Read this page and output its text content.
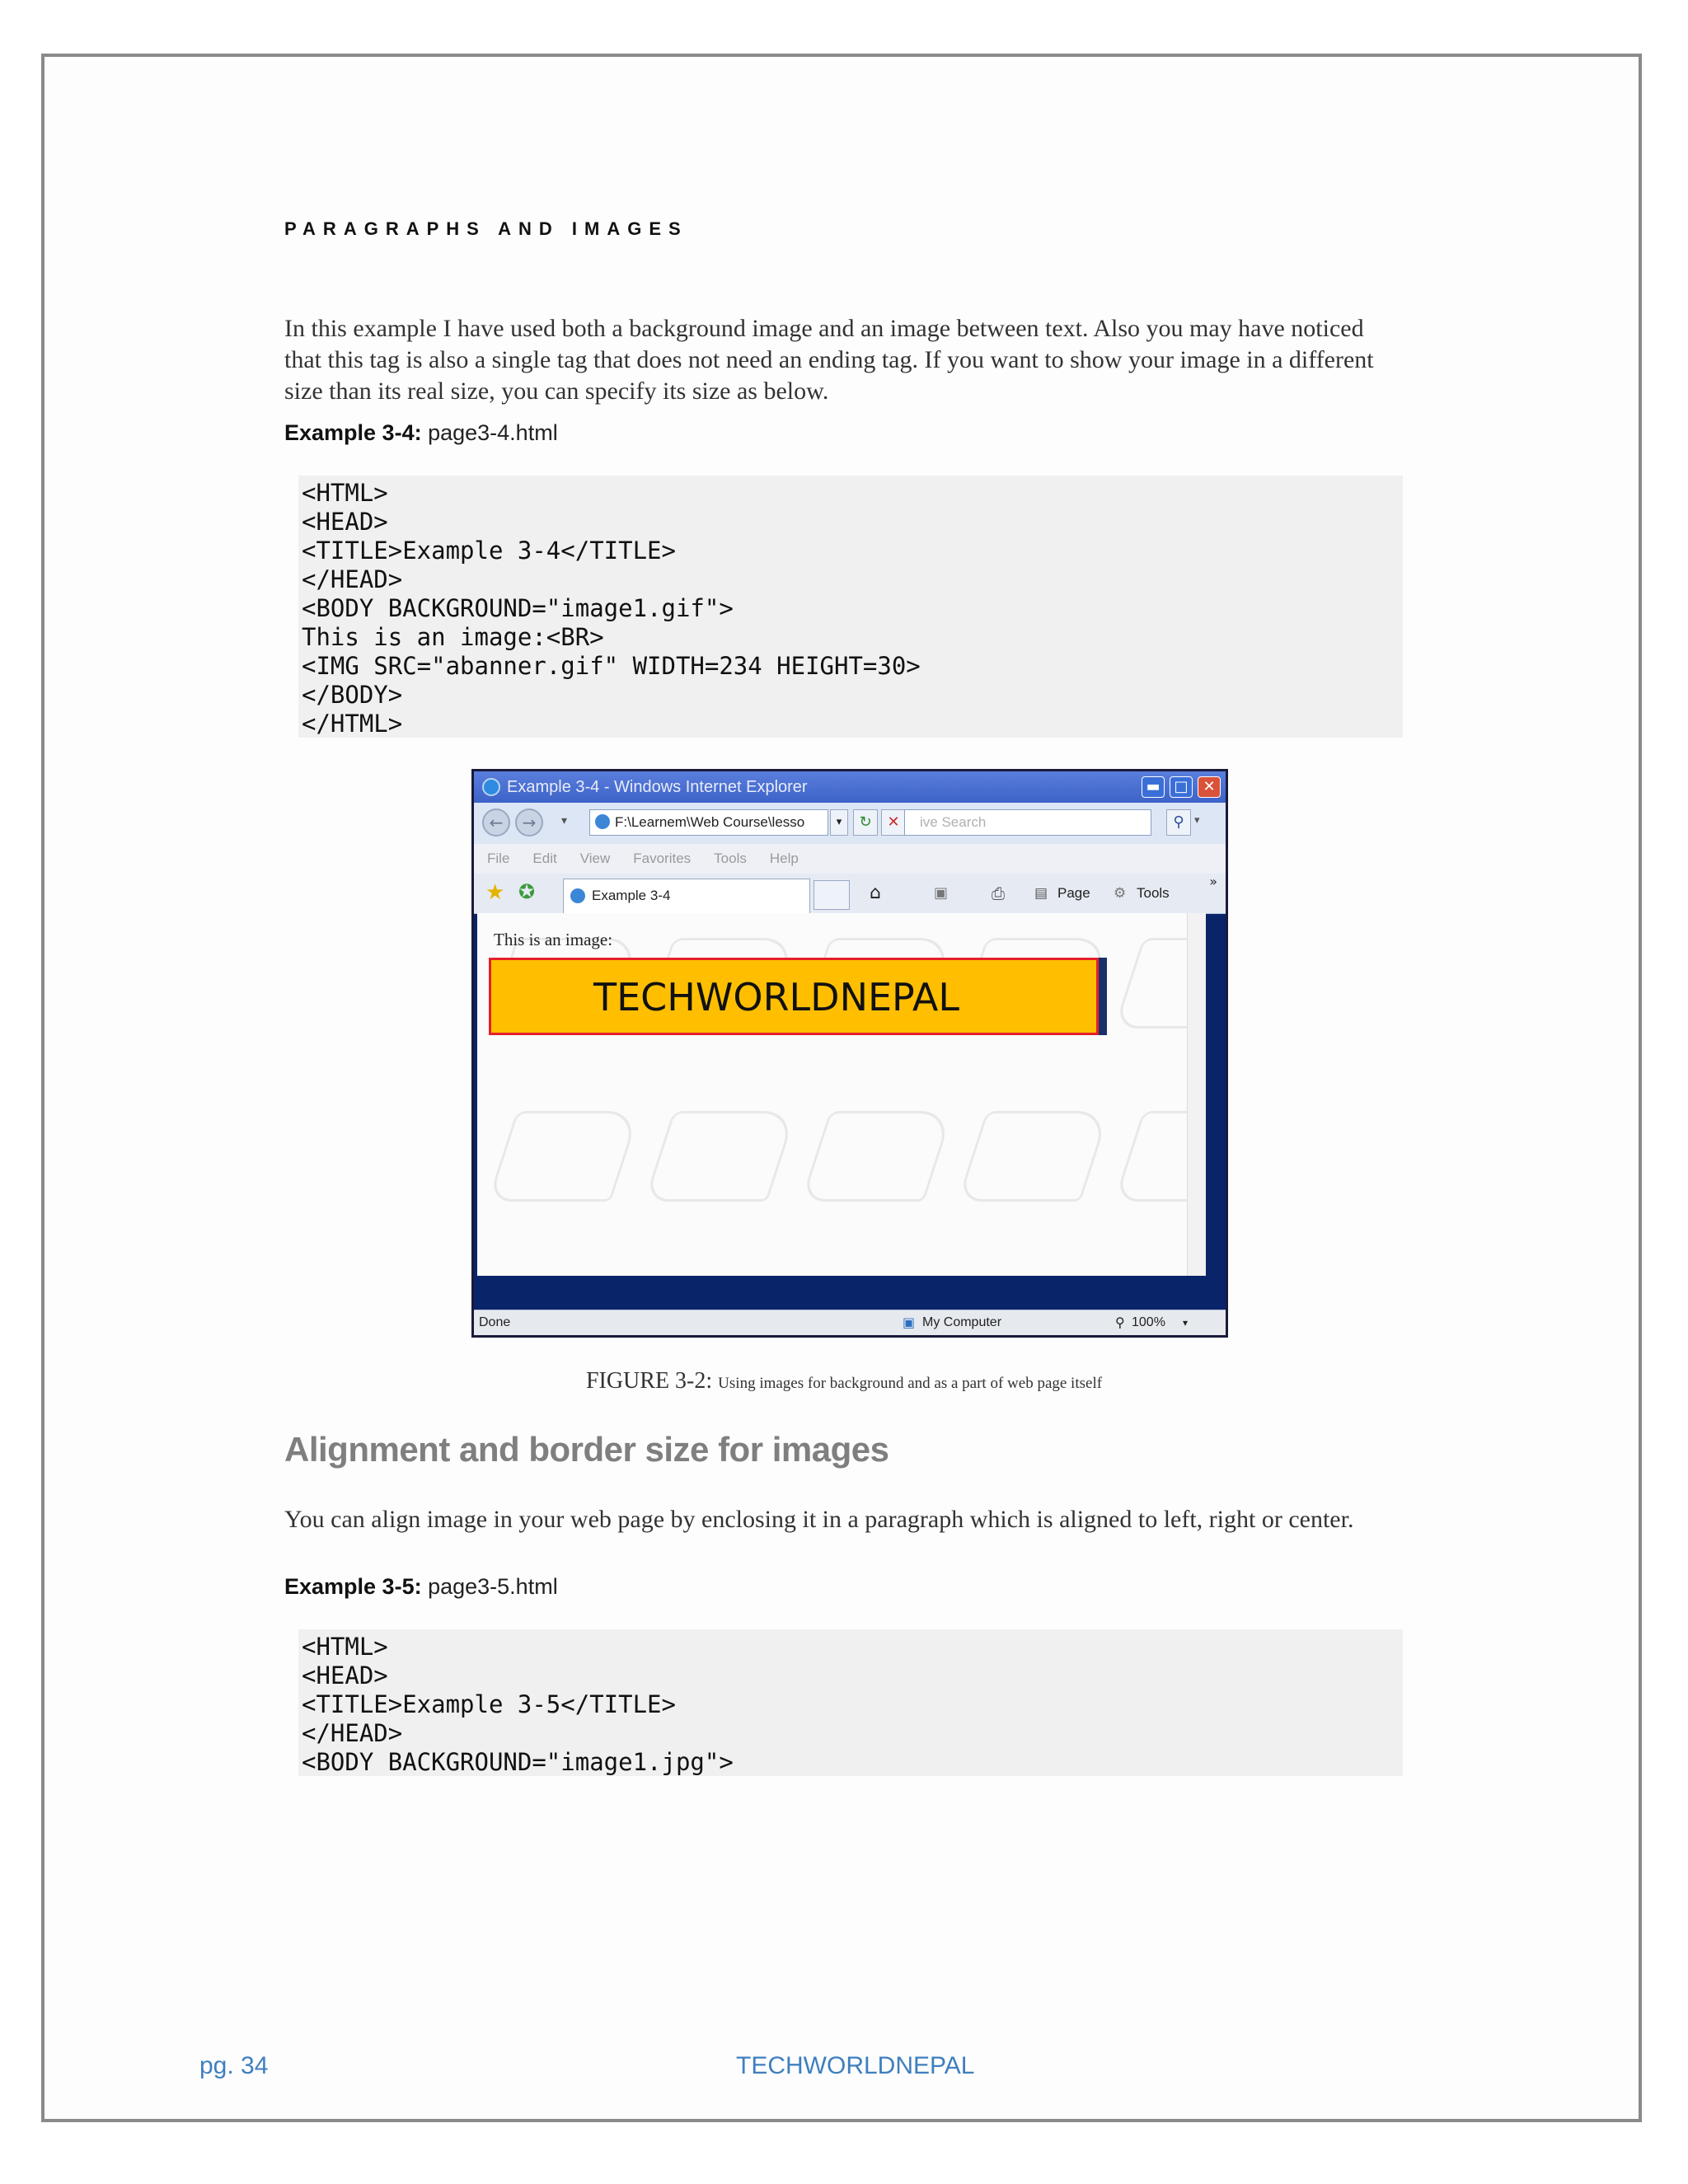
PARAGRAPHS AND IMAGES

In this example I have used both a background image and an image between text. Also you may have noticed
that this tag is also a single tag that does not need an ending tag. If you want to show your image in a different
size than its real size, you can specify its size as below.

Example 3-4: page3-4.html

<HTML>
<HEAD>
<TITLE>Example 3-4</TITLE>
</HEAD>
<BODY BACKGROUND="image1.gif">
This is an image:<BR>
<IMG SRC="abanner.gif" WIDTH=234 HEIGHT=30>
</BODY>
</HTML>
Example 3-4 - Windows Internet Explorer	▬ □ ✕
←	→	▾	F:\Learnem\Web Course\lesso	▾	↻	✕	ive Search	⚲ ▾
File Edit View Favorites Tools Help
★ ✪	Example 3-4	⌂	▣	⎙ ▤ Page ⚙ Tools
»
This is an image:
TECHWORLDNEPAL
Done	▣ My Computer	⚲ 100% ▾

FIGURE 3-2: Using images for background and as a part of web page itself

Alignment and border size for images

You can align image in your web page by enclosing it in a paragraph which is aligned to left, right or center.

Example 3-5: page3-5.html

<HTML>
<HEAD>
<TITLE>Example 3-5</TITLE>
</HEAD>
<BODY BACKGROUND="image1.jpg">

pg. 34	TECHWORLDNEPAL
